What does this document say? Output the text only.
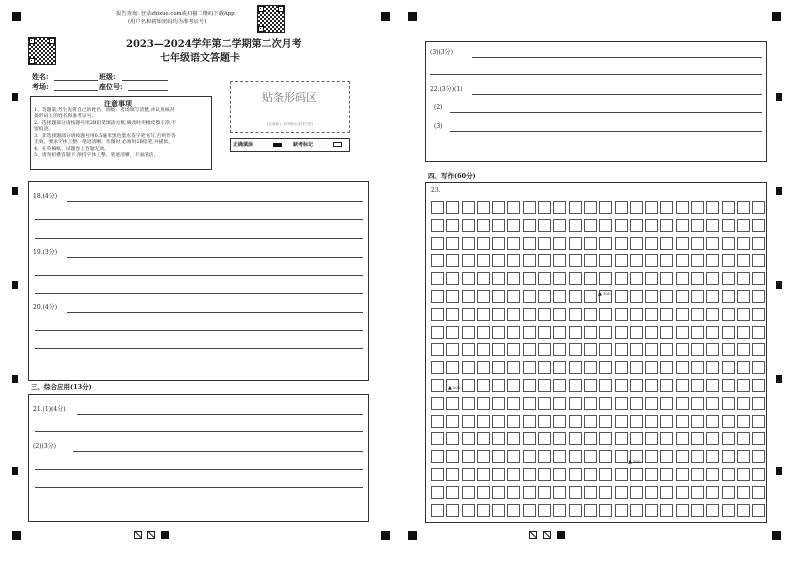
报告查询: 登录zhixue.com或扫描二维码下载App
(用户名和初始密码均为准考证号)
2023—2024学年第二学期第二次月考
七年级语文答题卡
姓名:	班级:
考场:	座位号:
注意事项
1、答题前,考生先将自己的姓名、班级、考场填写清楚,并认真核对
条形码上的姓名和准考证号。
2、选择题部分请按题号用2B铅笔填涂方框,修改时用橡皮擦干净,不
留痕迹。
3、非选择题部分请按题号用0.5毫米黑色墨水签字笔书写,否则作答
无效。要求字体工整、笔迹清晰。作图时,必须用2B铅笔,并描浓。
4、在草稿纸、试题卷上答题无效。
5、请勿折叠答题卡,保持字体工整、笔迹清晰、卡面清洁。
贴条形码区
(正面朝上,切勿贴出虚线方框)
正确填涂	缺考标记
18.(4分)
19.(3分)
20.(4分)
三、综合应用(13分)
21.(1)(4分)
(2)(3分)
(3)(3分)
22.(3分)(1)
(2)
(3)
四、写作(60分)
23.
▲ 100
▲ 200
▲ 300
